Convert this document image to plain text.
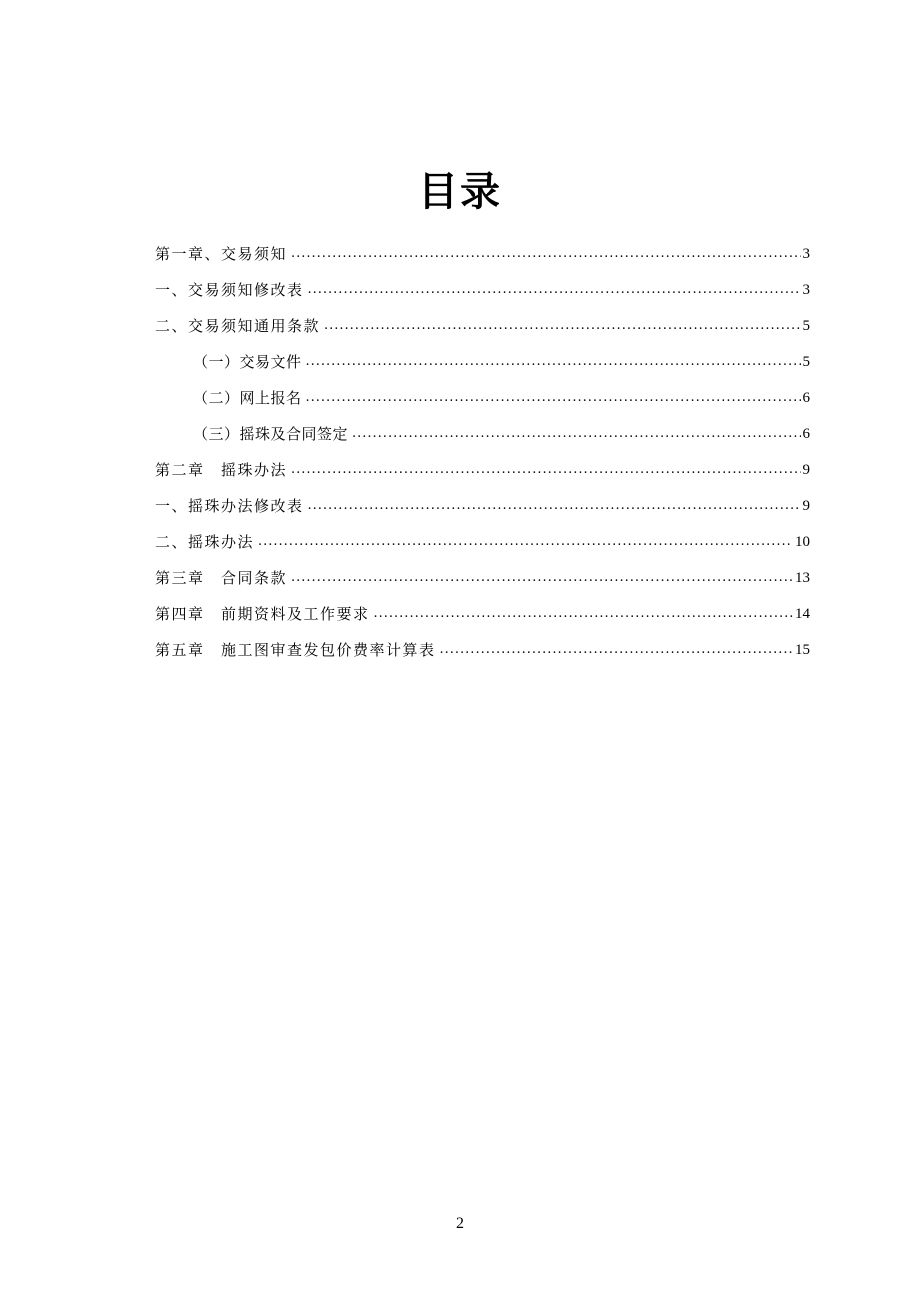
目录
第一章、交易须知 .....	3
一、交易须知修改表 .....	3
二、交易须知通用条款 .....	5
（一）交易文件 .....	5
（二）网上报名 .....	6
（三）摇珠及合同签定 .....	6
第二章　摇珠办法 .....	9
一、摇珠办法修改表 .....	9
二、摇珠办法 .....	10
第三章　合同条款 .....	13
第四章　前期资料及工作要求 .....	14
第五章　施工图审查发包价费率计算表 .....	15
2
